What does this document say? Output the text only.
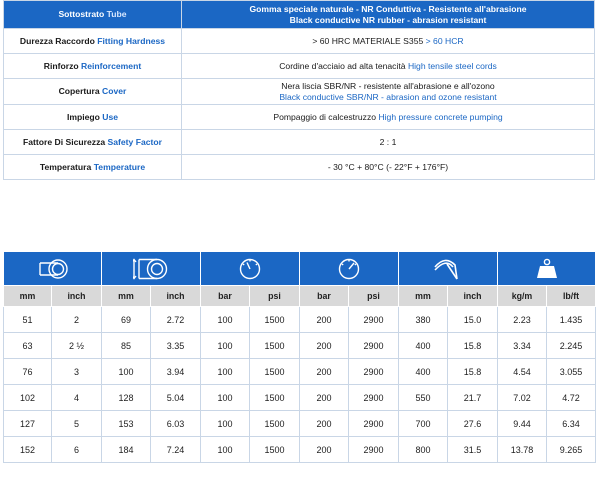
Sottostrato Tube	Gomma speciale naturale - NR Conduttiva - Resistente all'abrasione
Black conductive NR rubber - abrasion resistant

Durezza Raccordo Fitting Hardness	> 60 HRC MATERIALE S355 > 60 HCR
Rinforzo Reinforcement	Cordine d'acciaio ad alta tenacità High tensile steel cords
Copertura Cover	Nera liscia SBR/NR - resistente all'abrasione e all'ozono
Black conductive SBR/NR - abrasion and ozone resistant

Impiego Use	Pompaggio di calcestruzzo High pressure concrete pumping
Fattore Di Sicurezza Safety Factor	2 : 1
Temperatura Temperature	- 30 °C + 80°C (- 22°F + 176°F)

mm	inch	mm	inch	bar	psi	bar	psi	mm	inch	kg/m	lb/ft
51	2	69	2.72	100	1500	200	2900	380	15.0	2.23	1.435
63	2 ½	85	3.35	100	1500	200	2900	400	15.8	3.34	2.245
76	3	100	3.94	100	1500	200	2900	400	15.8	4.54	3.055
102	4	128	5.04	100	1500	200	2900	550	21.7	7.02	4.72
127	5	153	6.03	100	1500	200	2900	700	27.6	9.44	6.34
152	6	184	7.24	100	1500	200	2900	800	31.5	13.78	9.265
